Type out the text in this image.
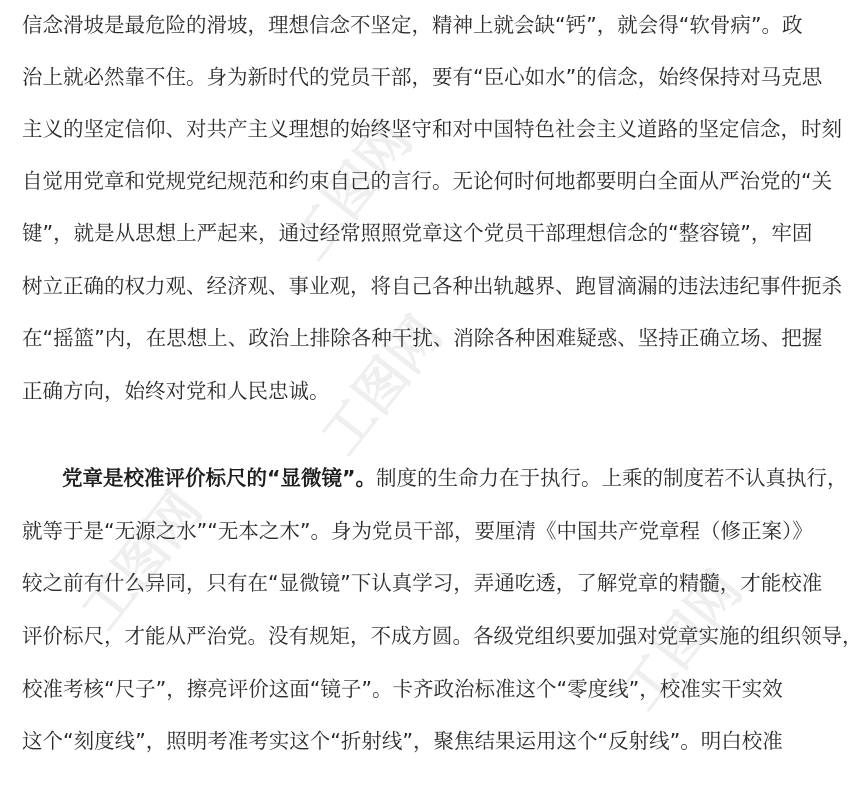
工图网
工图网
工图网
工图网
信念滑坡是最危险的滑坡，理想信念不坚定，精神上就会缺“钙”，就会得“软骨病”。政
治上就必然靠不住。身为新时代的党员干部，要有“臣心如水”的信念，始终保持对马克思
主义的坚定信仰、对共产主义理想的始终坚守和对中国特色社会主义道路的坚定信念，时刻
自觉用党章和党规党纪规范和约束自己的言行。无论何时何地都要明白全面从严治党的“关
键”，就是从思想上严起来，通过经常照照党章这个党员干部理想信念的“整容镜”，牢固
树立正确的权力观、经济观、事业观，将自己各种出轨越界、跑冒滴漏的违法违纪事件扼杀
在“摇篮”内，在思想上、政治上排除各种干扰、消除各种困难疑惑、坚持正确立场、把握
正确方向，始终对党和人民忠诚。
党章是校准评价标尺的“显微镜”。制度的生命力在于执行。上乘的制度若不认真执行，
就等于是“无源之水”“无本之木”。身为党员干部，要厘清《中国共产党章程（修正案）》
较之前有什么异同，只有在“显微镜”下认真学习，弄通吃透，了解党章的精髓，才能校准
评价标尺，才能从严治党。没有规矩，不成方圆。各级党组织要加强对党章实施的组织领导，
校准考核“尺子”，擦亮评价这面“镜子”。卡齐政治标准这个“零度线”，校准实干实效
这个“刻度线”，照明考准考实这个“折射线”，聚焦结果运用这个“反射线”。明白校准
